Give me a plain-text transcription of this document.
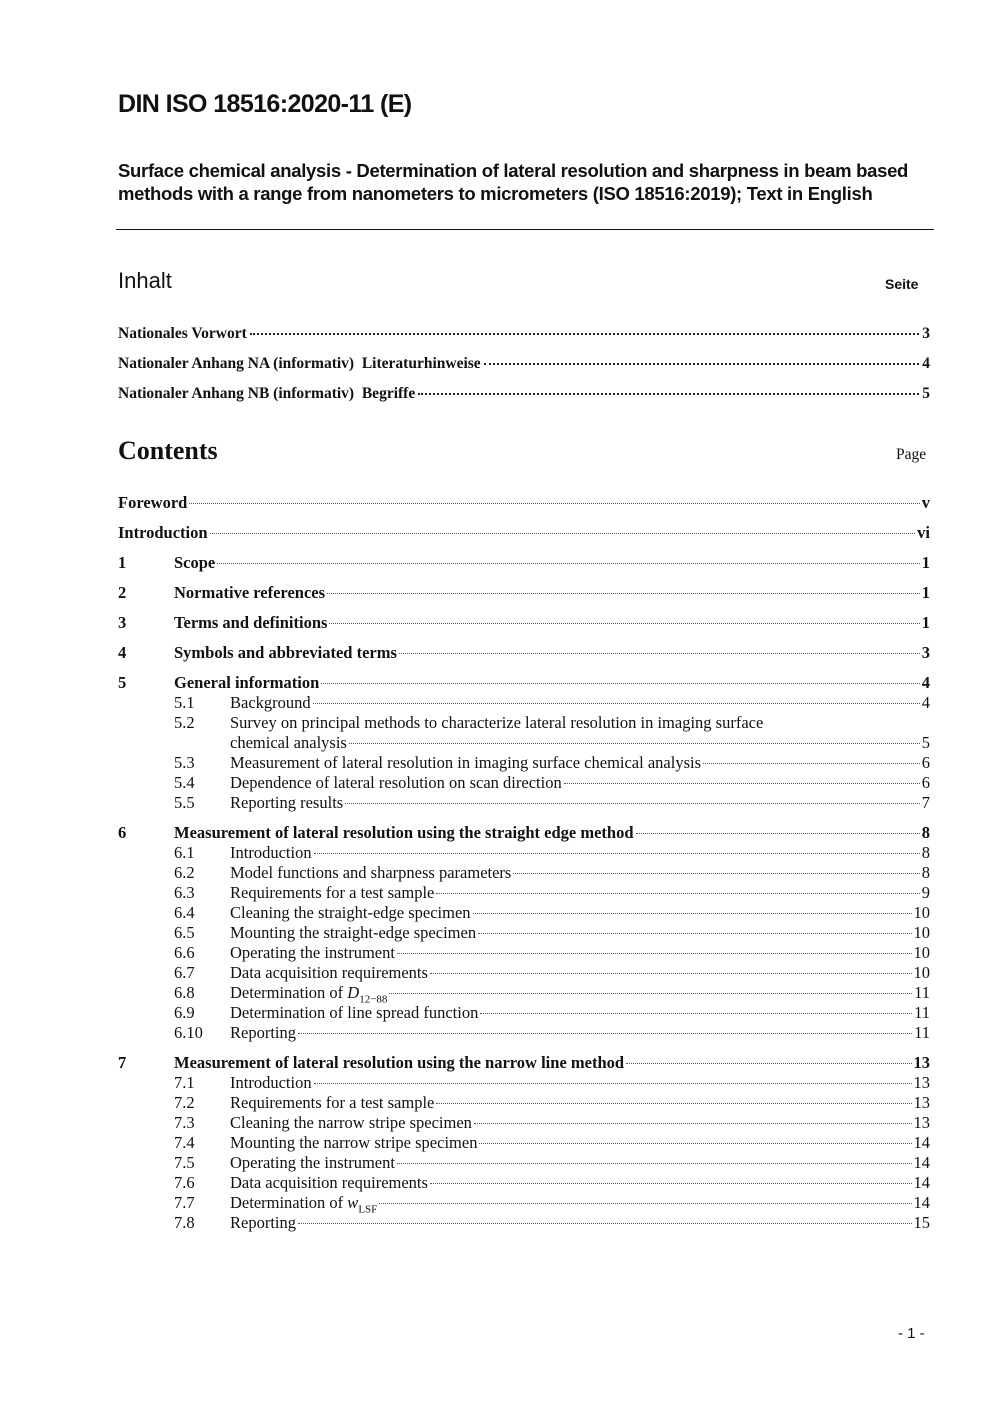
DIN ISO 18516:2020-11 (E)
Surface chemical analysis - Determination of lateral resolution and sharpness in beam based methods with a range from nanometers to micrometers (ISO 18516:2019); Text in English
Inhalt	Seite
Nationales Vorwort	3
Nationaler Anhang NA (informativ)  Literaturhinweise	4
Nationaler Anhang NB (informativ)  Begriffe	5
Contents	Page
Foreword	v
Introduction	vi
1	Scope	1
2	Normative references	1
3	Terms and definitions	1
4	Symbols and abbreviated terms	3
5	General information	4
5.1	Background	4
5.2	Survey on principal methods to characterize lateral resolution in imaging surface
chemical analysis	5
5.3	Measurement of lateral resolution in imaging surface chemical analysis	6
5.4	Dependence of lateral resolution on scan direction	6
5.5	Reporting results	7
6	Measurement of lateral resolution using the straight edge method	8
6.1	Introduction	8
6.2	Model functions and sharpness parameters	8
6.3	Requirements for a test sample	9
6.4	Cleaning the straight-edge specimen	10
6.5	Mounting the straight-edge specimen	10
6.6	Operating the instrument	10
6.7	Data acquisition requirements	10
6.8	Determination of $D_{12-88}$	11
6.9	Determination of line spread function	11
6.10	Reporting	11
7	Measurement of lateral resolution using the narrow line method	13
7.1	Introduction	13
7.2	Requirements for a test sample	13
7.3	Cleaning the narrow stripe specimen	13
7.4	Mounting the narrow stripe specimen	14
7.5	Operating the instrument	14
7.6	Data acquisition requirements	14
7.7	Determination of $w_{LSF}$	14
7.8	Reporting	15
- 1 -
